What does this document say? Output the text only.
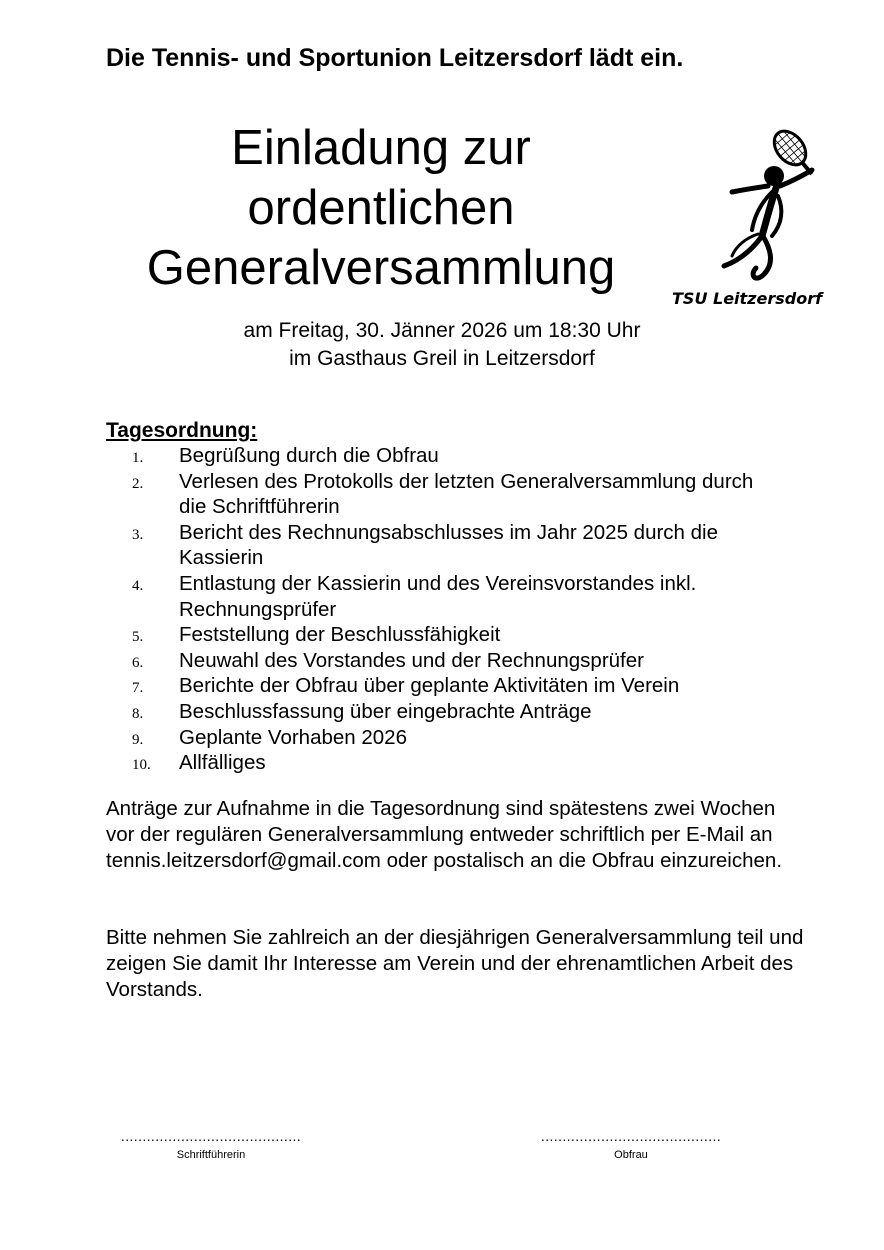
Die Tennis- und Sportunion Leitzersdorf lädt ein.
Einladung zur
ordentlichen
Generalversammlung
TSU Leitzersdorf
am Freitag, 30. Jänner 2026 um 18:30 Uhr
im Gasthaus Greil in Leitzersdorf
Tagesordnung:
1. Begrüßung durch die Obfrau
2. Verlesen des Protokolls der letzten Generalversammlung durch die Schriftführerin
3. Bericht des Rechnungsabschlusses im Jahr 2025 durch die Kassierin
4. Entlastung der Kassierin und des Vereinsvorstandes inkl. Rechnungsprüfer
5. Feststellung der Beschlussfähigkeit
6. Neuwahl des Vorstandes und der Rechnungsprüfer
7. Berichte der Obfrau über geplante Aktivitäten im Verein
8. Beschlussfassung über eingebrachte Anträge
9. Geplante Vorhaben 2026
10. Allfälliges

Anträge zur Aufnahme in die Tagesordnung sind spätestens zwei Wochen vor der regulären Generalversammlung entweder schriftlich per E-Mail an tennis.leitzersdorf@gmail.com oder postalisch an die Obfrau einzureichen.

Bitte nehmen Sie zahlreich an der diesjährigen Generalversammlung teil und zeigen Sie damit Ihr Interesse am Verein und der ehrenamtlichen Arbeit des Vorstands.

..........................................
Schriftführerin
..........................................
Obfrau
